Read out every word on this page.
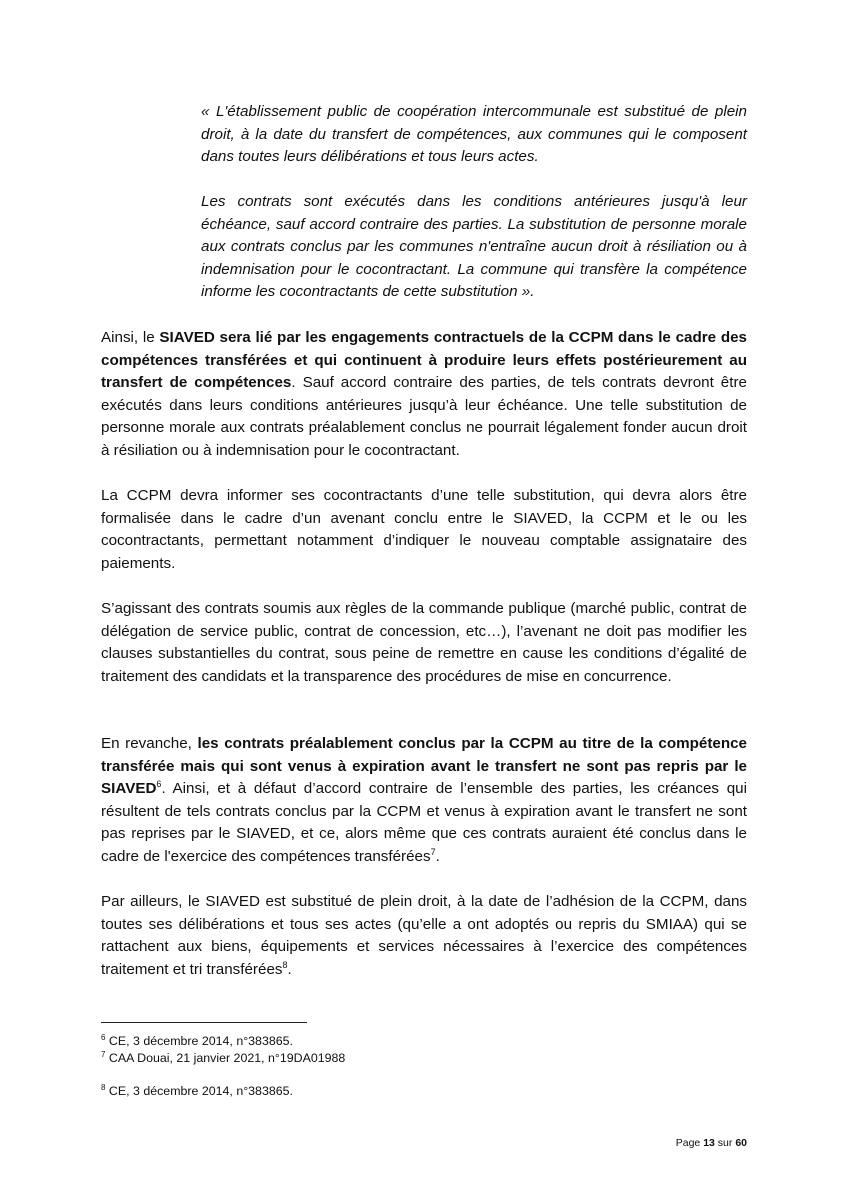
« L'établissement public de coopération intercommunale est substitué de plein droit, à la date du transfert de compétences, aux communes qui le composent dans toutes leurs délibérations et tous leurs actes.
Les contrats sont exécutés dans les conditions antérieures jusqu'à leur échéance, sauf accord contraire des parties. La substitution de personne morale aux contrats conclus par les communes n'entraîne aucun droit à résiliation ou à indemnisation pour le cocontractant. La commune qui transfère la compétence informe les cocontractants de cette substitution ».
Ainsi, le SIAVED sera lié par les engagements contractuels de la CCPM dans le cadre des compétences transférées et qui continuent à produire leurs effets postérieurement au transfert de compétences. Sauf accord contraire des parties, de tels contrats devront être exécutés dans leurs conditions antérieures jusqu’à leur échéance. Une telle substitution de personne morale aux contrats préalablement conclus ne pourrait légalement fonder aucun droit à résiliation ou à indemnisation pour le cocontractant.
La CCPM devra informer ses cocontractants d’une telle substitution, qui devra alors être formalisée dans le cadre d’un avenant conclu entre le SIAVED, la CCPM et le ou les cocontractants, permettant notamment d’indiquer le nouveau comptable assignataire des paiements.
S’agissant des contrats soumis aux règles de la commande publique (marché public, contrat de délégation de service public, contrat de concession, etc…), l’avenant ne doit pas modifier les clauses substantielles du contrat, sous peine de remettre en cause les conditions d’égalité de traitement des candidats et la transparence des procédures de mise en concurrence.
En revanche, les contrats préalablement conclus par la CCPM au titre de la compétence transférée mais qui sont venus à expiration avant le transfert ne sont pas repris par le SIAVED$^6$. Ainsi, et à défaut d’accord contraire de l’ensemble des parties, les créances qui résultent de tels contrats conclus par la CCPM et venus à expiration avant le transfert ne sont pas reprises par le SIAVED, et ce, alors même que ces contrats auraient été conclus dans le cadre de l'exercice des compétences transférées$^7$.
Par ailleurs, le SIAVED est substitué de plein droit, à la date de l’adhésion de la CCPM, dans toutes ses délibérations et tous ses actes (qu’elle a ont adoptés ou repris du SMIAA) qui se rattachent aux biens, équipements et services nécessaires à l’exercice des compétences traitement et tri transférées$^8$.
$^6$ CE, 3 décembre 2014, n°383865.
$^7$ CAA Douai, 21 janvier 2021, n°19DA01988
$^8$ CE, 3 décembre 2014, n°383865.
Page 13 sur 60
